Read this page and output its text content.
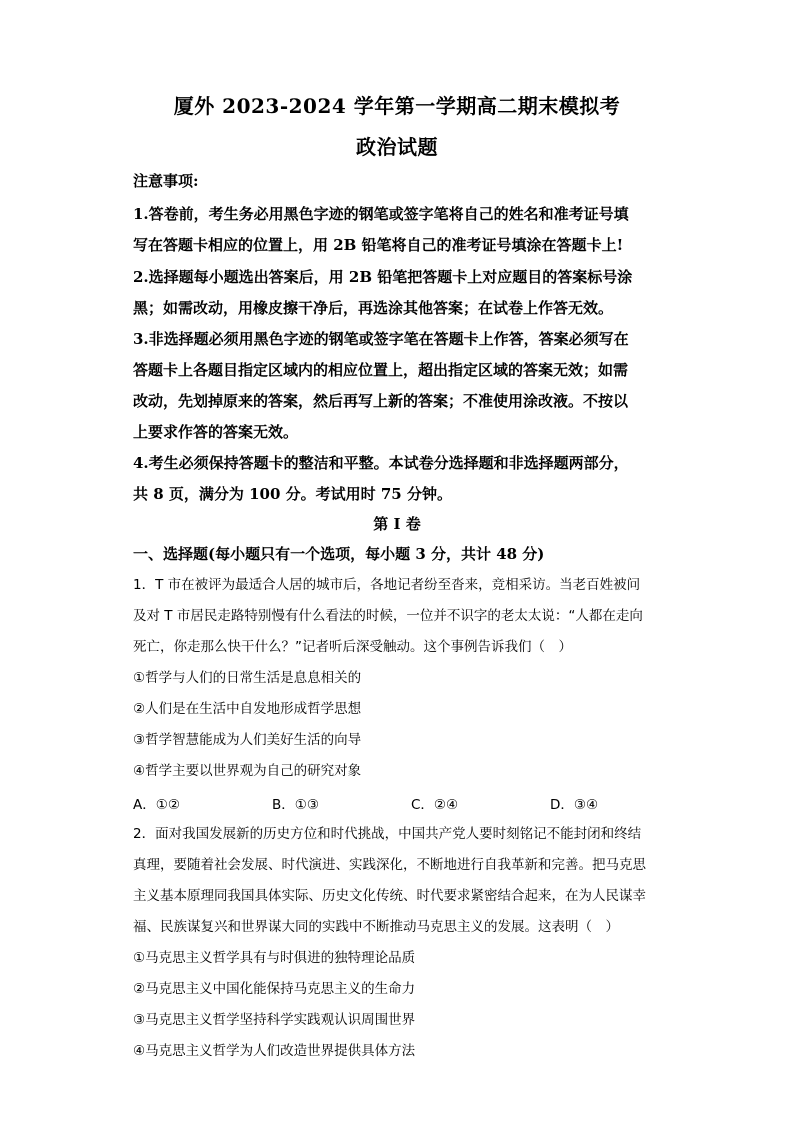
厦外 2023-2024 学年第一学期高二期末模拟考
政治试题
注意事项:
1.答卷前，考生务必用黑色字迹的钢笔或签字笔将自己的姓名和准考证号填
写在答题卡相应的位置上，用 2B 铅笔将自己的准考证号填涂在答题卡上!
2.选择题每小题选出答案后，用 2B 铅笔把答题卡上对应题目的答案标号涂
黑；如需改动，用橡皮擦干净后，再选涂其他答案；在试卷上作答无效。
3.非选择题必须用黑色字迹的钢笔或签字笔在答题卡上作答，答案必须写在
答题卡上各题目指定区域内的相应位置上，超出指定区域的答案无效；如需
改动，先划掉原来的答案，然后再写上新的答案；不准使用涂改液。不按以
上要求作答的答案无效。
4.考生必须保持答题卡的整洁和平整。本试卷分选择题和非选择题两部分，
共 8 页，满分为 100 分。考试用时 75 分钟。
第 I 卷
一、选择题(每小题只有一个选项，每小题 3 分，共计 48 分)
1．T 市在被评为最适合人居的城市后，各地记者纷至沓来，竞相采访。当老百姓被问
及对 T 市居民走路特别慢有什么看法的时候，一位并不识字的老太太说：“人都在走向
死亡，你走那么快干什么？”记者听后深受触动。这个事例告诉我们（　）
①哲学与人们的日常生活是息息相关的
②人们是在生活中自发地形成哲学思想
③哲学智慧能成为人们美好生活的向导
④哲学主要以世界观为自己的研究对象
A．①②	B．①③	C．②④	D．③④
2．面对我国发展新的历史方位和时代挑战，中国共产党人要时刻铭记不能封闭和终结
真理，要随着社会发展、时代演进、实践深化，不断地进行自我革新和完善。把马克思
主义基本原理同我国具体实际、历史文化传统、时代要求紧密结合起来，在为人民谋幸
福、民族谋复兴和世界谋大同的实践中不断推动马克思主义的发展。这表明（　）
①马克思主义哲学具有与时俱进的独特理论品质
②马克思主义中国化能保持马克思主义的生命力
③马克思主义哲学坚持科学实践观认识周围世界
④马克思主义哲学为人们改造世界提供具体方法
